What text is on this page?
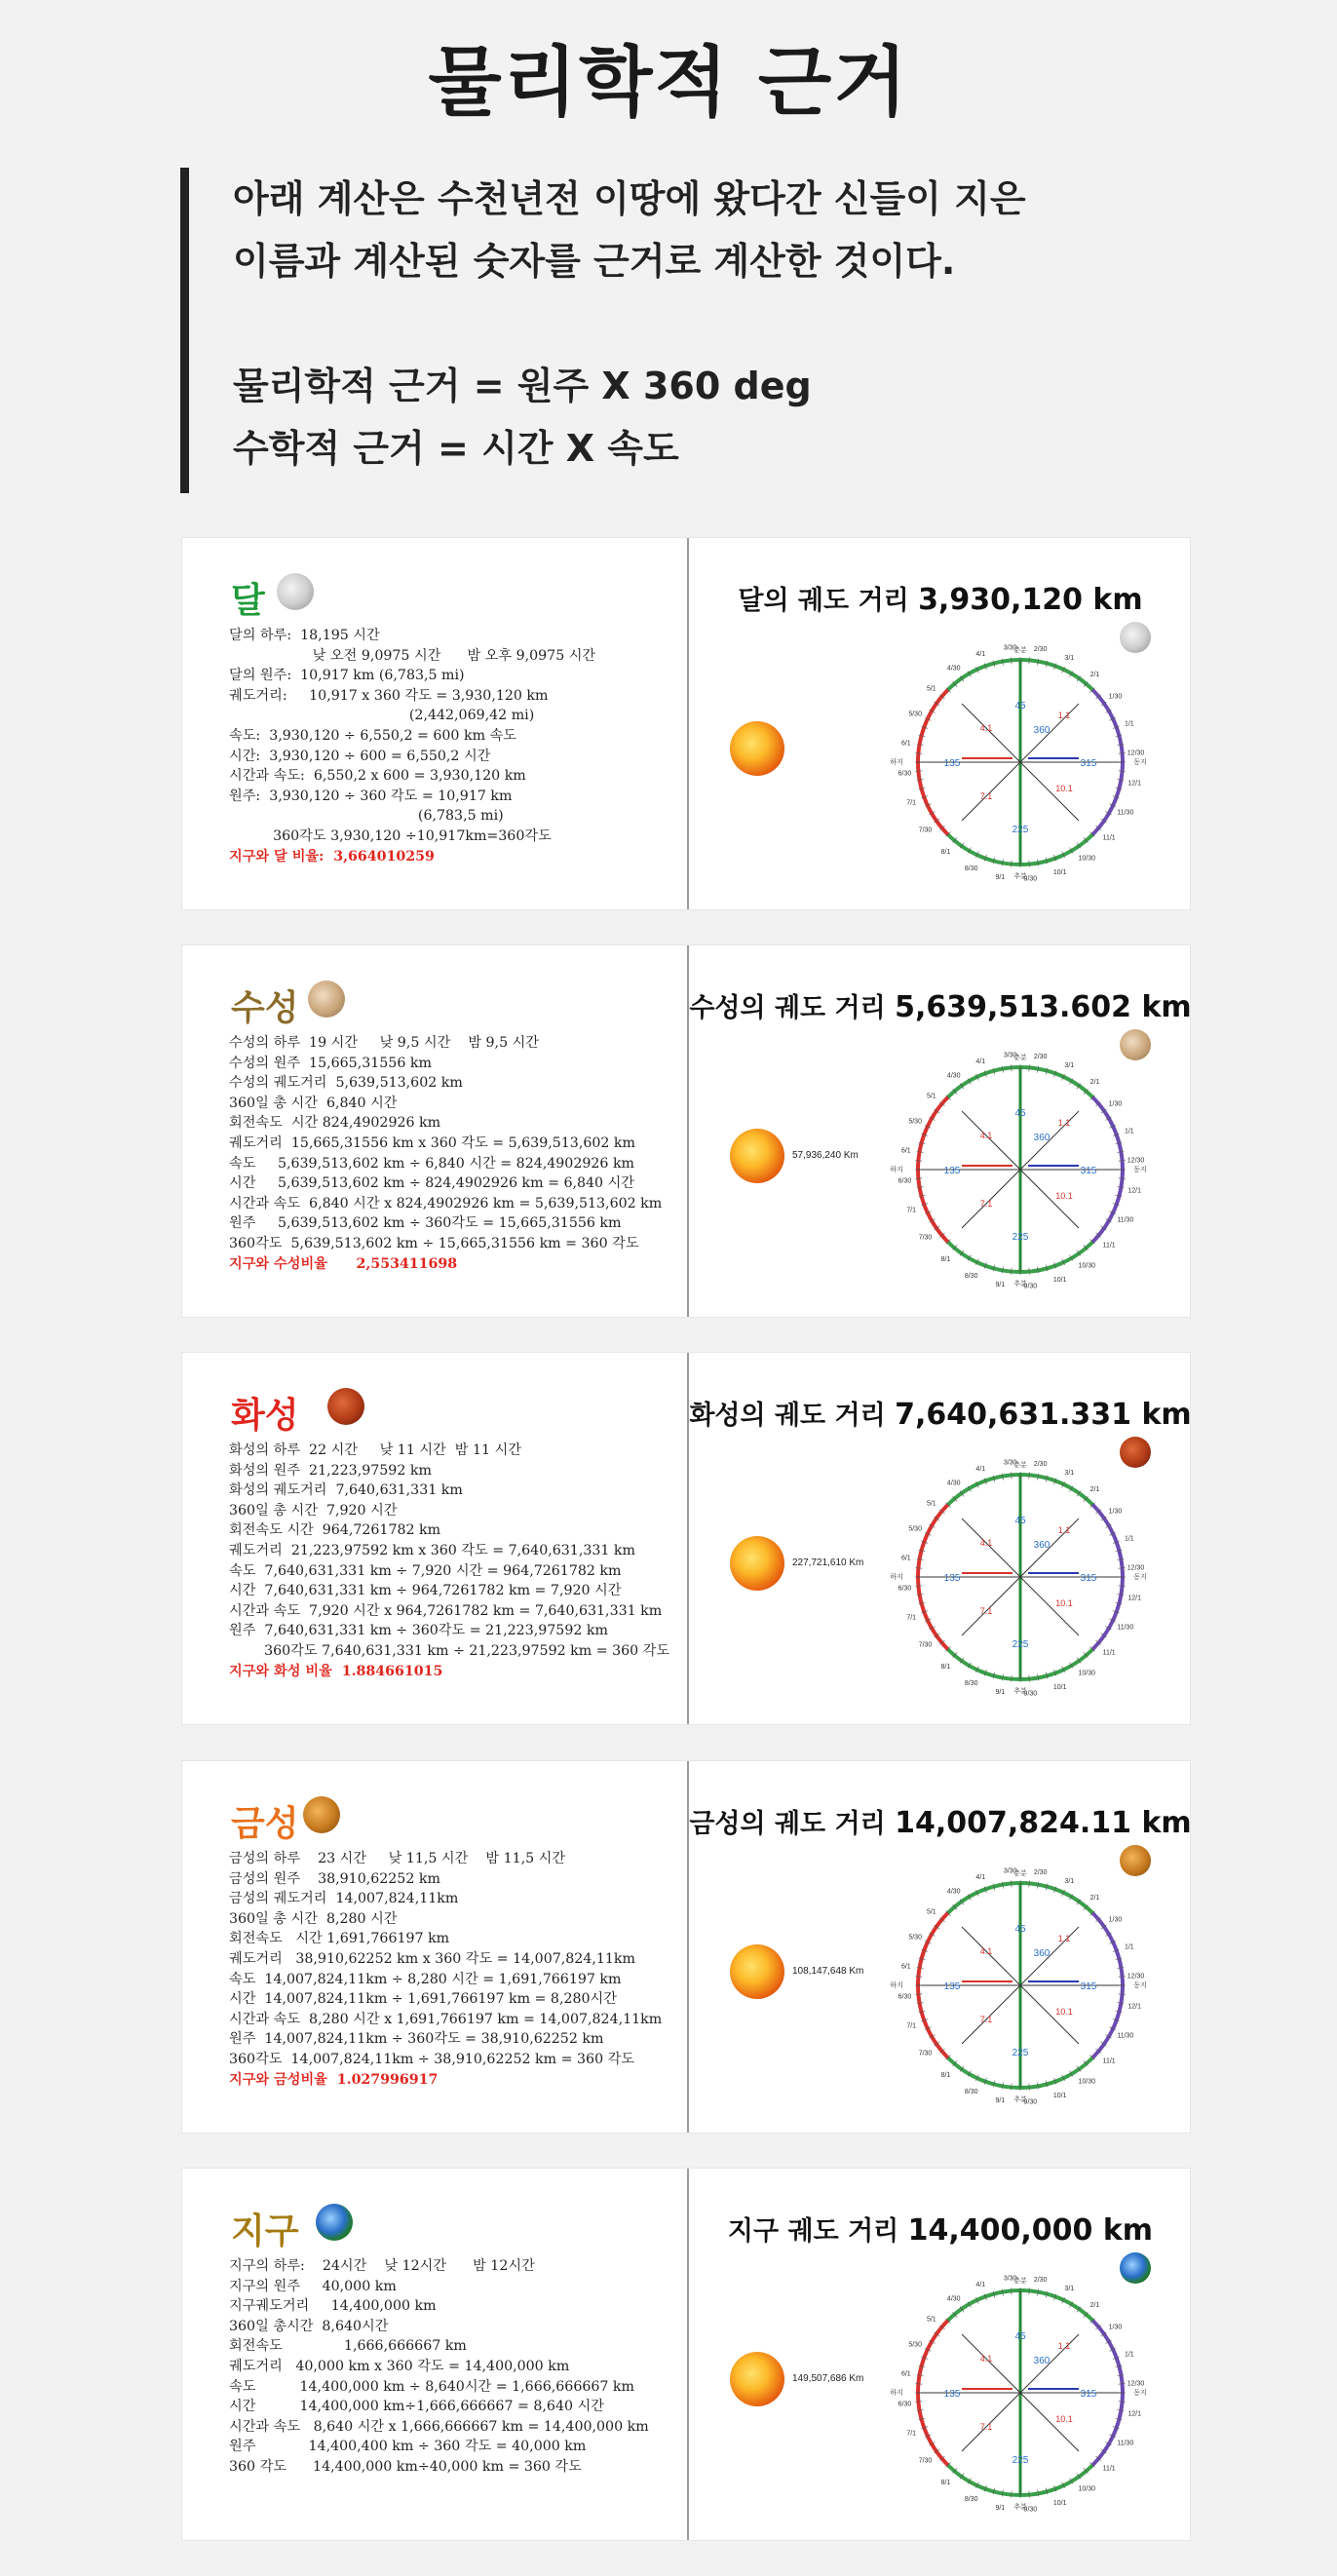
물리학적 근거

아래 계산은 수천년전 이땅에 왔다간 신들이 지은

이름과 계산된 숫자를 근거로 계산한 것이다.

물리학적 근거 = 원주 X 360 deg

수학적 근거 = 시간 X 속도

달
달의 하루:  18,195 시간
낮 오전 9,0975 시간      밤 오후 9,0975 시간
달의 원주:  10,917 km (6,783,5 mi)
궤도거리:     10,917 x 360 각도 = 3,930,120 km
(2,442,069,42 mi)
속도:  3,930,120 ÷ 6,550,2 = 600 km 속도
시간:  3,930,120 ÷ 600 = 6,550,2 시간
시간과 속도:  6,550,2 x 600 = 3,930,120 km
원주:  3,930,120 ÷ 360 각도 = 10,917 km
(6,783,5 mi)
360각도 3,930,120 ÷10,917km=360각도
지구와 달 비율:  3,664010259
달의 궤도 거리 3,930,120 km
45
135
225
315
360
4.1
7.1
10.1
1.1
춘분
추분
하지	동지
2/30
3/1
2/1
1/30
1/1
12/30
12/1
11/30
11/1
10/30
10/1
9/30
9/1
8/30
8/1
7/30
7/1
6/30
6/1
5/30
5/1
4/30
4/1
3/30
수성
수성의 하루  19 시간     낮 9,5 시간    밤 9,5 시간
수성의 원주  15,665,31556 km
수성의 궤도거리  5,639,513,602 km
360일 총 시간  6,840 시간
회전속도  시간 824,4902926 km
궤도거리  15,665,31556 km x 360 각도 = 5,639,513,602 km
속도     5,639,513,602 km ÷ 6,840 시간 = 824,4902926 km
시간     5,639,513,602 km ÷ 824,4902926 km = 6,840 시간
시간과 속도  6,840 시간 x 824,4902926 km = 5,639,513,602 km
원주     5,639,513,602 km ÷ 360각도 = 15,665,31556 km
360각도  5,639,513,602 km ÷ 15,665,31556 km = 360 각도
지구와 수성비율      2,553411698
수성의 궤도 거리 5,639,513.602 km
57,936,240 Km
45
135
225
315
360
4.1
7.1
10.1
1.1
춘분
추분
하지	동지
2/30
3/1
2/1
1/30
1/1
12/30
12/1
11/30
11/1
10/30
10/1
9/30
9/1
8/30
8/1
7/30
7/1
6/30
6/1
5/30
5/1
4/30
4/1
3/30
화성
화성의 하루  22 시간     낮 11 시간  밤 11 시간
화성의 원주  21,223,97592 km
화성의 궤도거리  7,640,631,331 km
360일 총 시간  7,920 시간
회전속도 시간  964,7261782 km
궤도거리  21,223,97592 km x 360 각도 = 7,640,631,331 km
속도  7,640,631,331 km ÷ 7,920 시간 = 964,7261782 km
시간  7,640,631,331 km ÷ 964,7261782 km = 7,920 시간
시간과 속도  7,920 시간 x 964,7261782 km = 7,640,631,331 km
원주  7,640,631,331 km ÷ 360각도 = 21,223,97592 km
360각도 7,640,631,331 km ÷ 21,223,97592 km = 360 각도
지구와 화성 비율  1.884661015
화성의 궤도 거리 7,640,631.331 km
227,721,610 Km
45
135
225
315
360
4.1
7.1
10.1
1.1
춘분
추분
하지	동지
2/30
3/1
2/1
1/30
1/1
12/30
12/1
11/30
11/1
10/30
10/1
9/30
9/1
8/30
8/1
7/30
7/1
6/30
6/1
5/30
5/1
4/30
4/1
3/30
금성
금성의 하루    23 시간     낮 11,5 시간    밤 11,5 시간
금성의 원주    38,910,62252 km
금성의 궤도거리  14,007,824,11km
360일 총 시간  8,280 시간
회전속도   시간 1,691,766197 km
궤도거리   38,910,62252 km x 360 각도 = 14,007,824,11km
속도  14,007,824,11km ÷ 8,280 시간 = 1,691,766197 km
시간  14,007,824,11km ÷ 1,691,766197 km = 8,280시간
시간과 속도  8,280 시간 x 1,691,766197 km = 14,007,824,11km
원주  14,007,824,11km ÷ 360각도 = 38,910,62252 km
360각도  14,007,824,11km ÷ 38,910,62252 km = 360 각도
지구와 금성비율  1.027996917
금성의 궤도 거리 14,007,824.11 km
108,147,648 Km
45
135
225
315
360
4.1
7.1
10.1
1.1
춘분
추분
하지	동지
2/30
3/1
2/1
1/30
1/1
12/30
12/1
11/30
11/1
10/30
10/1
9/30
9/1
8/30
8/1
7/30
7/1
6/30
6/1
5/30
5/1
4/30
4/1
3/30
지구
지구의 하루:    24시간    낮 12시간      밤 12시간
지구의 원주     40,000 km
지구궤도거리     14,400,000 km
360일 총시간  8,640시간
회전속도              1,666,666667 km
궤도거리   40,000 km x 360 각도 = 14,400,000 km
속도          14,400,000 km ÷ 8,640시간 = 1,666,666667 km
시간          14,400,000 km÷1,666,666667 = 8,640 시간
시간과 속도   8,640 시간 x 1,666,666667 km = 14,400,000 km
원주            14,400,400 km ÷ 360 각도 = 40,000 km
360 각도      14,400,000 km÷40,000 km = 360 각도
지구 궤도 거리 14,400,000 km
149,507,686 Km
45
135
225
315
360
4.1
7.1
10.1
1.1
춘분
추분
하지	동지
2/30
3/1
2/1
1/30
1/1
12/30
12/1
11/30
11/1
10/30
10/1
9/30
9/1
8/30
8/1
7/30
7/1
6/30
6/1
5/30
5/1
4/30
4/1
3/30
